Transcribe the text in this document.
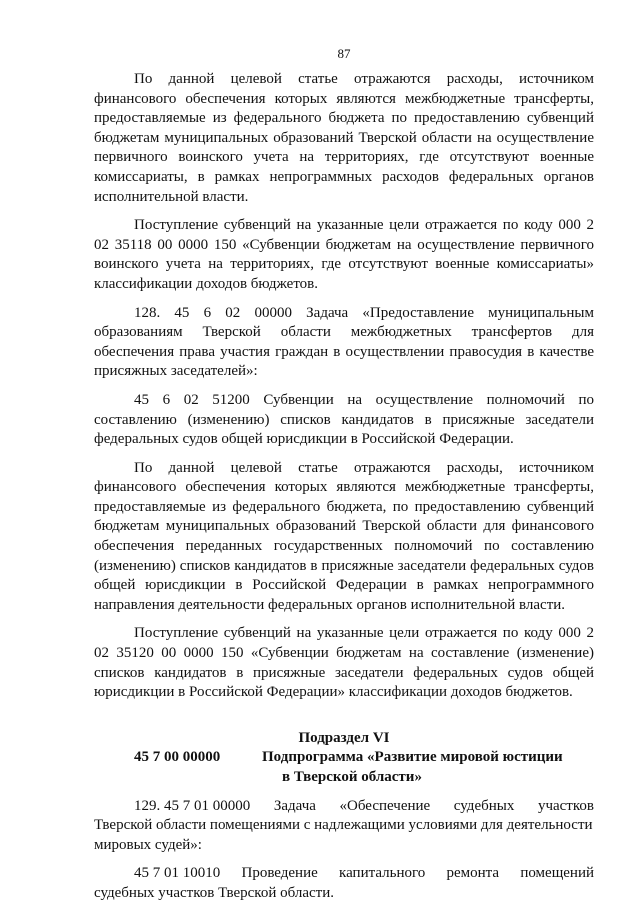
87

По данной целевой статье отражаются расходы, источником финансового обеспечения которых являются межбюджетные трансферты, предоставляемые из федерального бюджета по предоставлению субвенций бюджетам муниципальных образований Тверской области на осуществление первичного воинского учета на территориях, где отсутствуют военные комиссариаты, в рамках непрограммных расходов федеральных органов исполнительной власти.

Поступление субвенций на указанные цели отражается по коду 000 2 02 35118 00 0000 150 «Субвенции бюджетам на осуществление первичного воинского учета на территориях, где отсутствуют военные комиссариаты» классификации доходов бюджетов.

128. 45 6 02 00000 Задача «Предоставление муниципальным образованиям Тверской области межбюджетных трансфертов для обеспечения права участия граждан в осуществлении правосудия в качестве присяжных заседателей»:

45 6 02 51200 Субвенции на осуществление полномочий по составлению (изменению) списков кандидатов в присяжные заседатели федеральных судов общей юрисдикции в Российской Федерации.

По данной целевой статье отражаются расходы, источником финансового обеспечения которых являются межбюджетные трансферты, предоставляемые из федерального бюджета, по предоставлению субвенций бюджетам муниципальных образований Тверской области для финансового обеспечения переданных государственных полномочий по составлению (изменению) списков кандидатов в присяжные заседатели федеральных судов общей юрисдикции в Российской Федерации в рамках непрограммного направления деятельности федеральных органов исполнительной власти.

Поступление субвенций на указанные цели отражается по коду 000 2 02 35120 00 0000 150 «Субвенции бюджетам на составление (изменение) списков кандидатов в присяжные заседатели федеральных судов общей юрисдикции в Российской Федерации» классификации доходов бюджетов.

Подраздел VI
45 7 00 00000	Подпрограмма «Развитие мировой юстиции
в Тверской области»
129. 45 7 01 00000 Задача «Обеспечение судебных участков

Тверской области помещениями с надлежащими условиями для деятельности мировых судей»:

45 7 01 10010 Проведение капитального ремонта помещений

судебных участков Тверской области.
